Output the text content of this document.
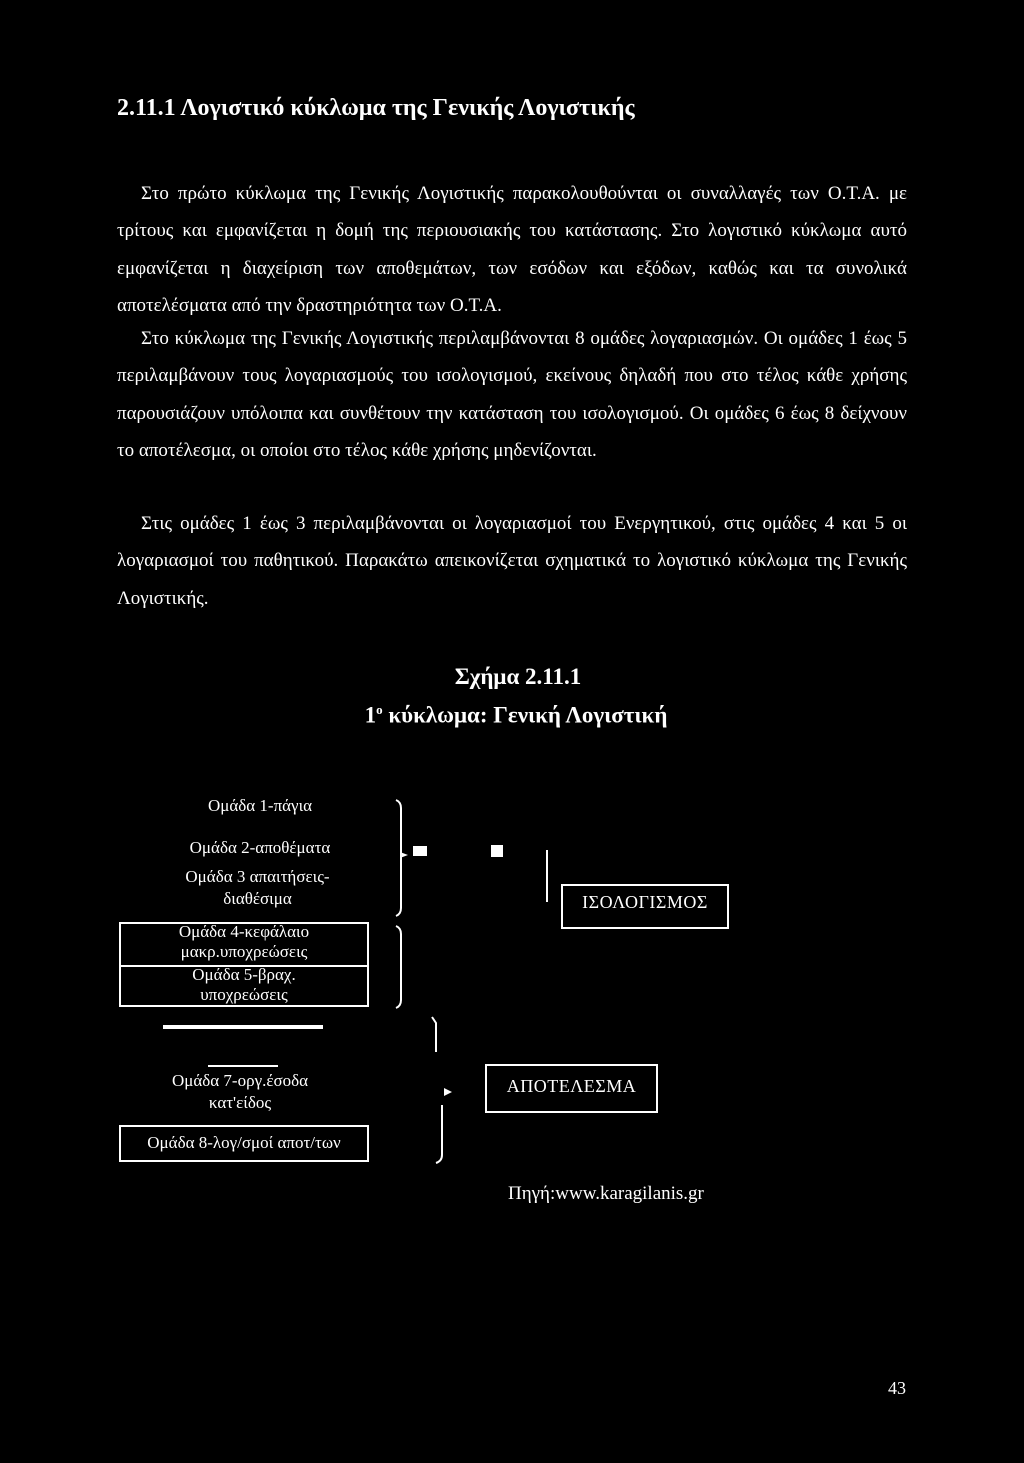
2.11.1 Λογιστικό κύκλωμα της Γενικής Λογιστικής

Στο πρώτο κύκλωμα της Γενικής Λογιστικής παρακολουθούνται οι συναλλαγές των Ο.Τ.Α. με τρίτους και εμφανίζεται η δομή της περιουσιακής του κατάστασης. Στο λογιστικό κύκλωμα αυτό εμφανίζεται η διαχείριση των αποθεμάτων, των εσόδων και εξόδων, καθώς και τα συνολικά αποτελέσματα από την δραστηριότητα των Ο.Τ.Α.

Στο κύκλωμα της Γενικής Λογιστικής περιλαμβάνονται 8 ομάδες λογαριασμών. Οι ομάδες 1 έως 5 περιλαμβάνουν τους λογαριασμούς του ισολογισμού, εκείνους δηλαδή που στο τέλος κάθε χρήσης παρουσιάζουν υπόλοιπα και συνθέτουν την κατάσταση του ισολογισμού. Οι ομάδες 6 έως 8 δείχνουν το αποτέλεσμα, οι οποίοι στο τέλος κάθε χρήσης μηδενίζονται.

Στις ομάδες 1 έως 3 περιλαμβάνονται οι λογαριασμοί του Ενεργητικού, στις ομάδες 4 και 5 οι λογαριασμοί του παθητικού. Παρακάτω απεικονίζεται σχηματικά το λογιστικό κύκλωμα της Γενικής Λογιστικής.

Σχήμα 2.11.1
$1^o$ κύκλωμα: Γενική Λογιστική
Ομάδα 1-πάγια
Ομάδα 2-αποθέματα
Ομάδα 3 απαιτήσεις-
διαθέσιμα
Ομάδα 4-κεφάλαιο
μακρ.υποχρεώσεις
Ομάδα 5-βραχ.
υποχρεώσεις
Ομάδα 7-οργ.έσοδα
κατ'είδος
Ομάδα 8-λογ/σμοί αποτ/των
ΙΣΟΛΟΓΙΣΜΟΣ
ΑΠΟΤΕΛΕΣΜΑ
Πηγή:www.karagilanis.gr
43
